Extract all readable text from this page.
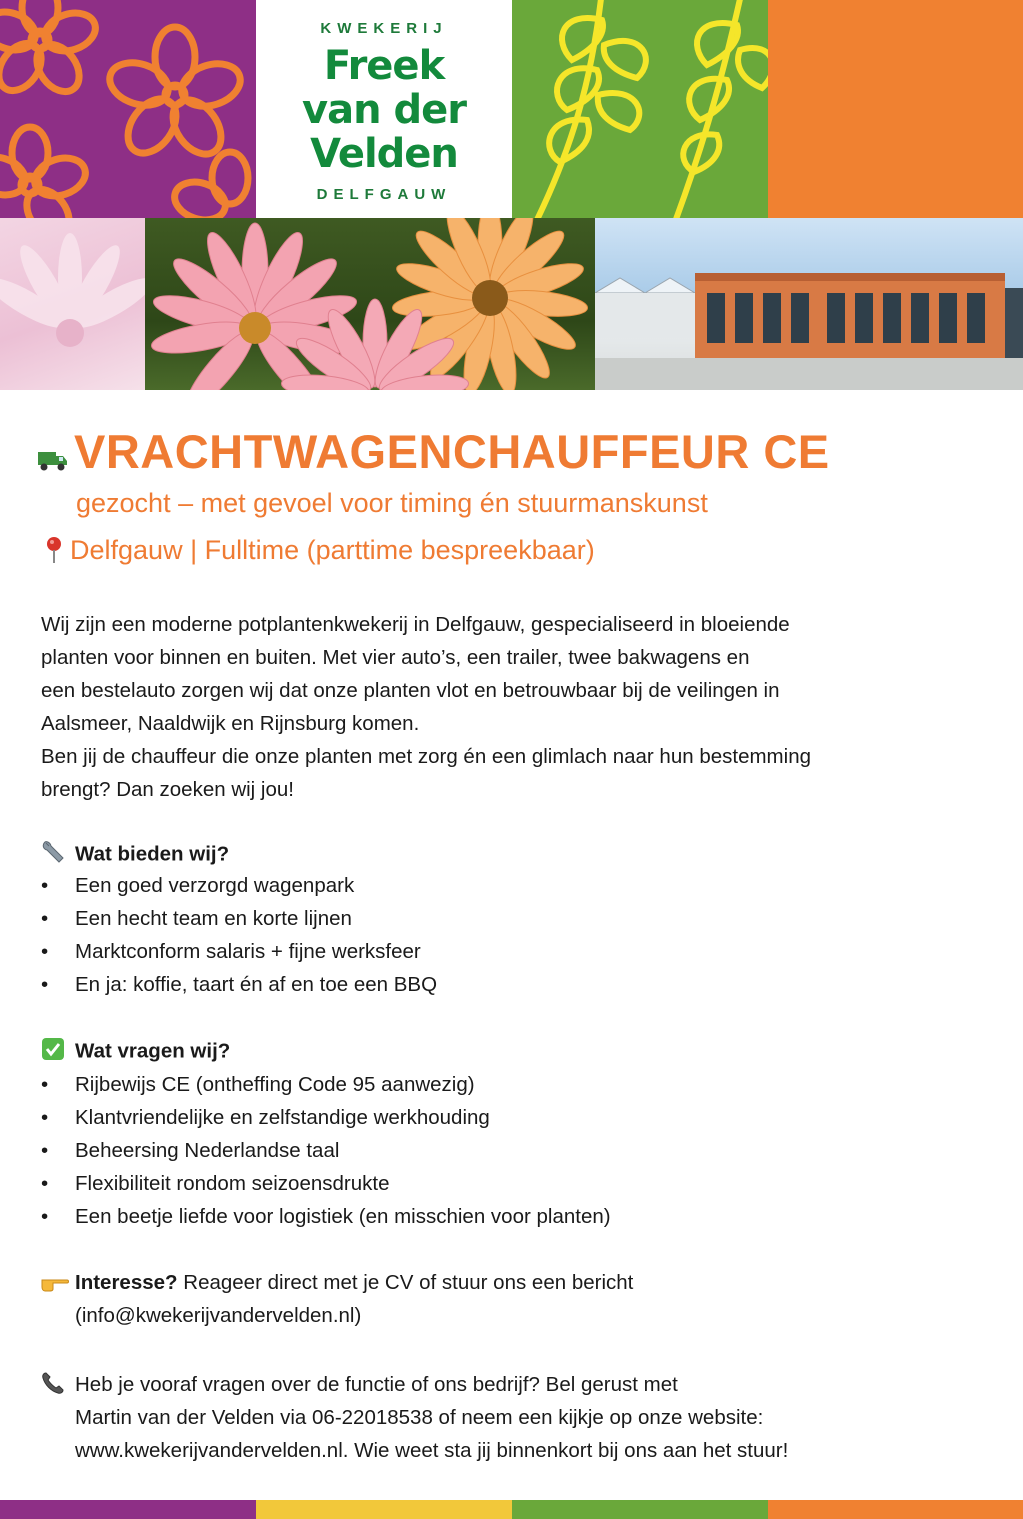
KWEKERIJ
Freek
van der
Velden
DELFGAUW
VRACHTWAGENCHAUFFEUR CE
gezocht – met gevoel voor timing én stuurmanskunst
Delfgauw | Fulltime (parttime bespreekbaar)
Wij zijn een moderne potplantenkwekerij in Delfgauw, gespecialiseerd in bloeiende
planten voor binnen en buiten. Met vier auto’s, een trailer, twee bakwagens en
een bestelauto zorgen wij dat onze planten vlot en betrouwbaar bij de veilingen in
Aalsmeer, Naaldwijk en Rijnsburg komen.
Ben jij de chauffeur die onze planten met zorg én een glimlach naar hun bestemming
brengt? Dan zoeken wij jou!
Wat bieden wij?
• Een goed verzorgd wagenpark
• Een hecht team en korte lijnen
• Marktconform salaris + fijne werksfeer
• En ja: koffie, taart én af en toe een BBQ
Wat vragen wij?
• Rijbewijs CE (ontheffing Code 95 aanwezig)
• Klantvriendelijke en zelfstandige werkhouding
• Beheersing Nederlandse taal
• Flexibiliteit rondom seizoensdrukte
• Een beetje liefde voor logistiek (en misschien voor planten)
Interesse? Reageer direct met je CV of stuur ons een bericht
(info@kwekerijvandervelden.nl)
Heb je vooraf vragen over de functie of ons bedrijf? Bel gerust met
Martin van der Velden via 06-22018538 of neem een kijkje op onze website:
www.kwekerijvandervelden.nl. Wie weet sta jij binnenkort bij ons aan het stuur!
